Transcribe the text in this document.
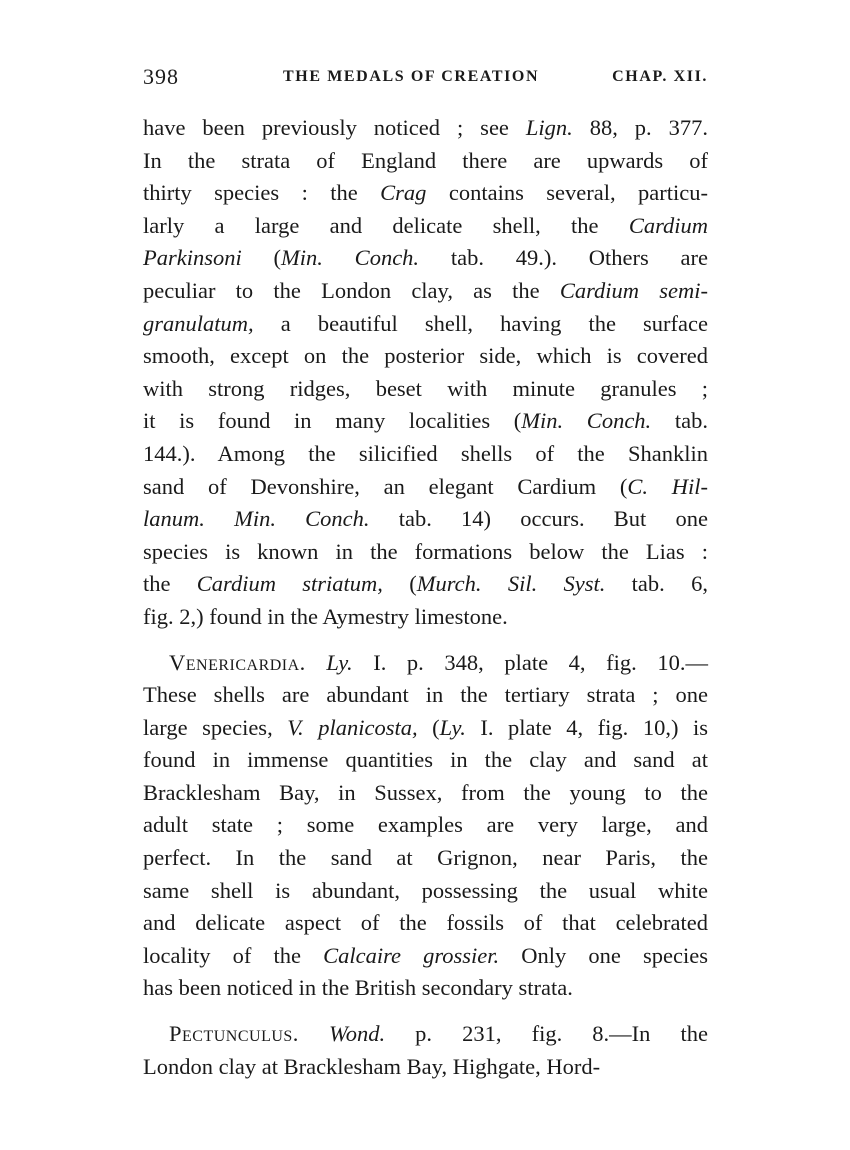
398	THE MEDALS OF CREATION	CHAP. XII.
have been previously noticed ; see Lign. 88, p. 377.
In the strata of England there are upwards of
thirty species : the Crag contains several, particu-
larly a large and delicate shell, the Cardium
Parkinsoni (Min. Conch. tab. 49.). Others are
peculiar to the London clay, as the Cardium semi-
granulatum, a beautiful shell, having the surface
smooth, except on the posterior side, which is covered
with strong ridges, beset with minute granules ;
it is found in many localities (Min. Conch. tab.
144.). Among the silicified shells of the Shanklin
sand of Devonshire, an elegant Cardium (C. Hil-
lanum. Min. Conch. tab. 14) occurs. But one
species is known in the formations below the Lias :
the Cardium striatum, (Murch. Sil. Syst. tab. 6,
fig. 2,) found in the Aymestry limestone.
Venericardia. Ly. I. p. 348, plate 4, fig. 10.—
These shells are abundant in the tertiary strata ; one
large species, V. planicosta, (Ly. I. plate 4, fig. 10,) is
found in immense quantities in the clay and sand at
Bracklesham Bay, in Sussex, from the young to the
adult state ; some examples are very large, and
perfect. In the sand at Grignon, near Paris, the
same shell is abundant, possessing the usual white
and delicate aspect of the fossils of that celebrated
locality of the Calcaire grossier. Only one species
has been noticed in the British secondary strata.
Pectunculus. Wond. p. 231, fig. 8.—In the
London clay at Bracklesham Bay, Highgate, Hord-
